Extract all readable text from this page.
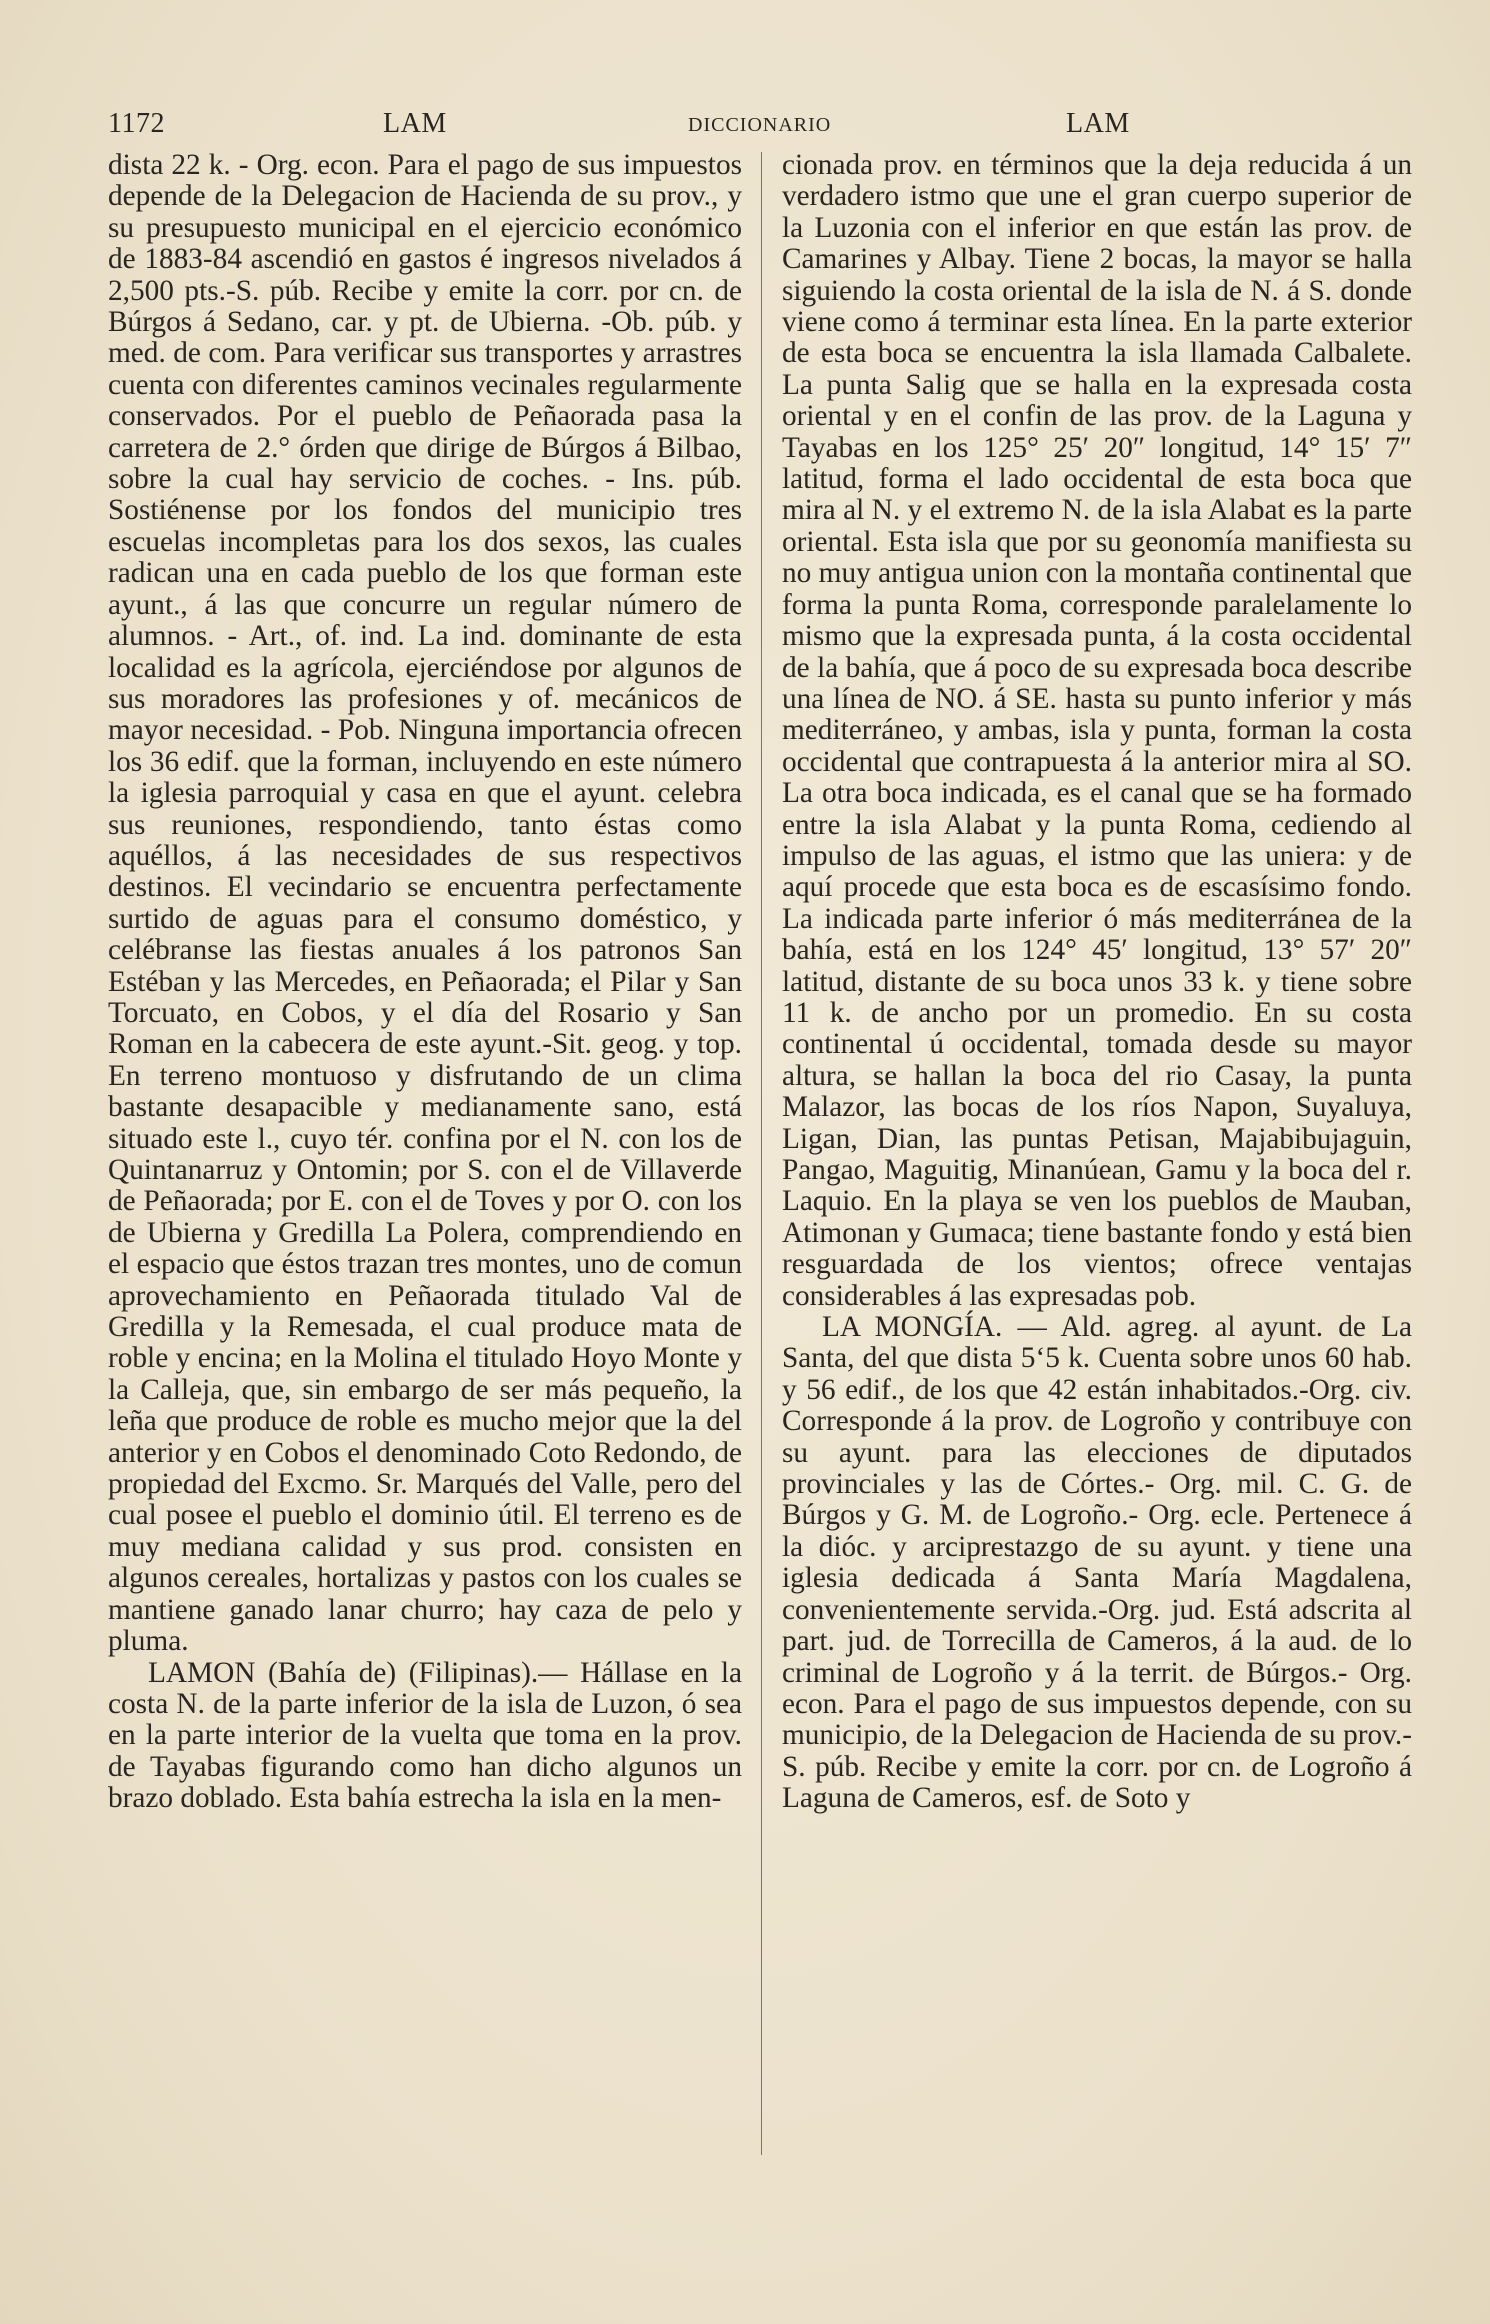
1172	LAM	DICCIONARIO	LAM

dista 22 k. - Org. econ. Para el pago de sus impuestos depende de la Delegacion de Hacienda de su prov., y su presupuesto municipal en el ejercicio económico de 1883-84 ascendió en gastos é ingresos nivelados á 2,500 pts.-S. púb. Recibe y emite la corr. por cn. de Búrgos á Sedano, car. y pt. de Ubierna. -Ob. púb. y med. de com. Para verificar sus transportes y arrastres cuenta con diferentes caminos vecinales regularmente conservados. Por el pueblo de Peñaorada pasa la carretera de 2.° órden que dirige de Búrgos á Bilbao, sobre la cual hay servicio de coches. - Ins. púb. Sostiénense por los fondos del municipio tres escuelas incompletas para los dos sexos, las cuales radican una en cada pueblo de los que forman este ayunt., á las que concurre un regular número de alumnos. - Art., of. ind. La ind. dominante de esta localidad es la agrícola, ejerciéndose por algunos de sus moradores las profesiones y of. mecánicos de mayor necesidad. - Pob. Ninguna importancia ofrecen los 36 edif. que la forman, incluyendo en este número la iglesia parroquial y casa en que el ayunt. celebra sus reuniones, respondiendo, tanto éstas como aquéllos, á las necesidades de sus respectivos destinos. El vecindario se encuentra perfectamente surtido de aguas para el consumo doméstico, y celébranse las fiestas anuales á los patronos San Estéban y las Mercedes, en Peñaorada; el Pilar y San Torcuato, en Cobos, y el día del Rosario y San Roman en la cabecera de este ayunt.-Sit. geog. y top. En terreno montuoso y disfrutando de un clima bastante desapacible y medianamente sano, está situado este l., cuyo tér. confina por el N. con los de Quintanarruz y Ontomin; por S. con el de Villaverde de Peñaorada; por E. con el de Toves y por O. con los de Ubierna y Gredilla La Polera, comprendiendo en el espacio que éstos trazan tres montes, uno de comun aprovechamiento en Peñaorada titulado Val de Gredilla y la Remesada, el cual produce mata de roble y encina; en la Molina el titulado Hoyo Monte y la Calleja, que, sin embargo de ser más pequeño, la leña que produce de roble es mucho mejor que la del anterior y en Cobos el denominado Coto Redondo, de propiedad del Excmo. Sr. Marqués del Valle, pero del cual posee el pueblo el dominio útil. El terreno es de muy mediana calidad y sus prod. consisten en algunos cereales, hortalizas y pastos con los cuales se mantiene ganado lanar churro; hay caza de pelo y pluma.

LAMON (Bahía de) (Filipinas).— Hállase en la costa N. de la parte inferior de la isla de Luzon, ó sea en la parte interior de la vuelta que toma en la prov. de Tayabas figurando como han dicho algunos un brazo doblado. Esta bahía estrecha la isla en la men-

cionada prov. en términos que la deja reducida á un verdadero istmo que une el gran cuerpo superior de la Luzonia con el inferior en que están las prov. de Camarines y Albay. Tiene 2 bocas, la mayor se halla siguiendo la costa oriental de la isla de N. á S. donde viene como á terminar esta línea. En la parte exterior de esta boca se encuentra la isla llamada Calbalete. La punta Salig que se halla en la expresada costa oriental y en el confin de las prov. de la Laguna y Tayabas en los 125° 25′ 20″ longitud, 14° 15′ 7″ latitud, forma el lado occidental de esta boca que mira al N. y el extremo N. de la isla Alabat es la parte oriental. Esta isla que por su geonomía manifiesta su no muy antigua union con la montaña continental que forma la punta Roma, corresponde paralelamente lo mismo que la expresada punta, á la costa occidental de la bahía, que á poco de su expresada boca describe una línea de NO. á SE. hasta su punto inferior y más mediterráneo, y ambas, isla y punta, forman la costa occidental que contrapuesta á la anterior mira al SO. La otra boca indicada, es el canal que se ha formado entre la isla Alabat y la punta Roma, cediendo al impulso de las aguas, el istmo que las uniera: y de aquí procede que esta boca es de escasísimo fondo. La indicada parte inferior ó más mediterránea de la bahía, está en los 124° 45′ longitud, 13° 57′ 20″ latitud, distante de su boca unos 33 k. y tiene sobre 11 k. de ancho por un promedio. En su costa continental ú occidental, tomada desde su mayor altura, se hallan la boca del rio Casay, la punta Malazor, las bocas de los ríos Napon, Suyaluya, Ligan, Dian, las puntas Petisan, Majabibujaguin, Pangao, Maguitig, Minanúean, Gamu y la boca del r. Laquio. En la playa se ven los pueblos de Mauban, Atimonan y Gumaca; tiene bastante fondo y está bien resguardada de los vientos; ofrece ventajas considerables á las expresadas pob.

LA MONGÍA. — Ald. agreg. al ayunt. de La Santa, del que dista 5‘5 k. Cuenta sobre unos 60 hab. y 56 edif., de los que 42 están inhabitados.-Org. civ. Corresponde á la prov. de Logroño y contribuye con su ayunt. para las elecciones de diputados provinciales y las de Córtes.- Org. mil. C. G. de Búrgos y G. M. de Logroño.- Org. ecle. Pertenece á la dióc. y arciprestazgo de su ayunt. y tiene una iglesia dedicada á Santa María Magdalena, convenientemente servida.-Org. jud. Está adscrita al part. jud. de Torrecilla de Cameros, á la aud. de lo criminal de Logroño y á la territ. de Búrgos.- Org. econ. Para el pago de sus impuestos depende, con su municipio, de la Delegacion de Hacienda de su prov.-S. púb. Recibe y emite la corr. por cn. de Logroño á Laguna de Cameros, esf. de Soto y
